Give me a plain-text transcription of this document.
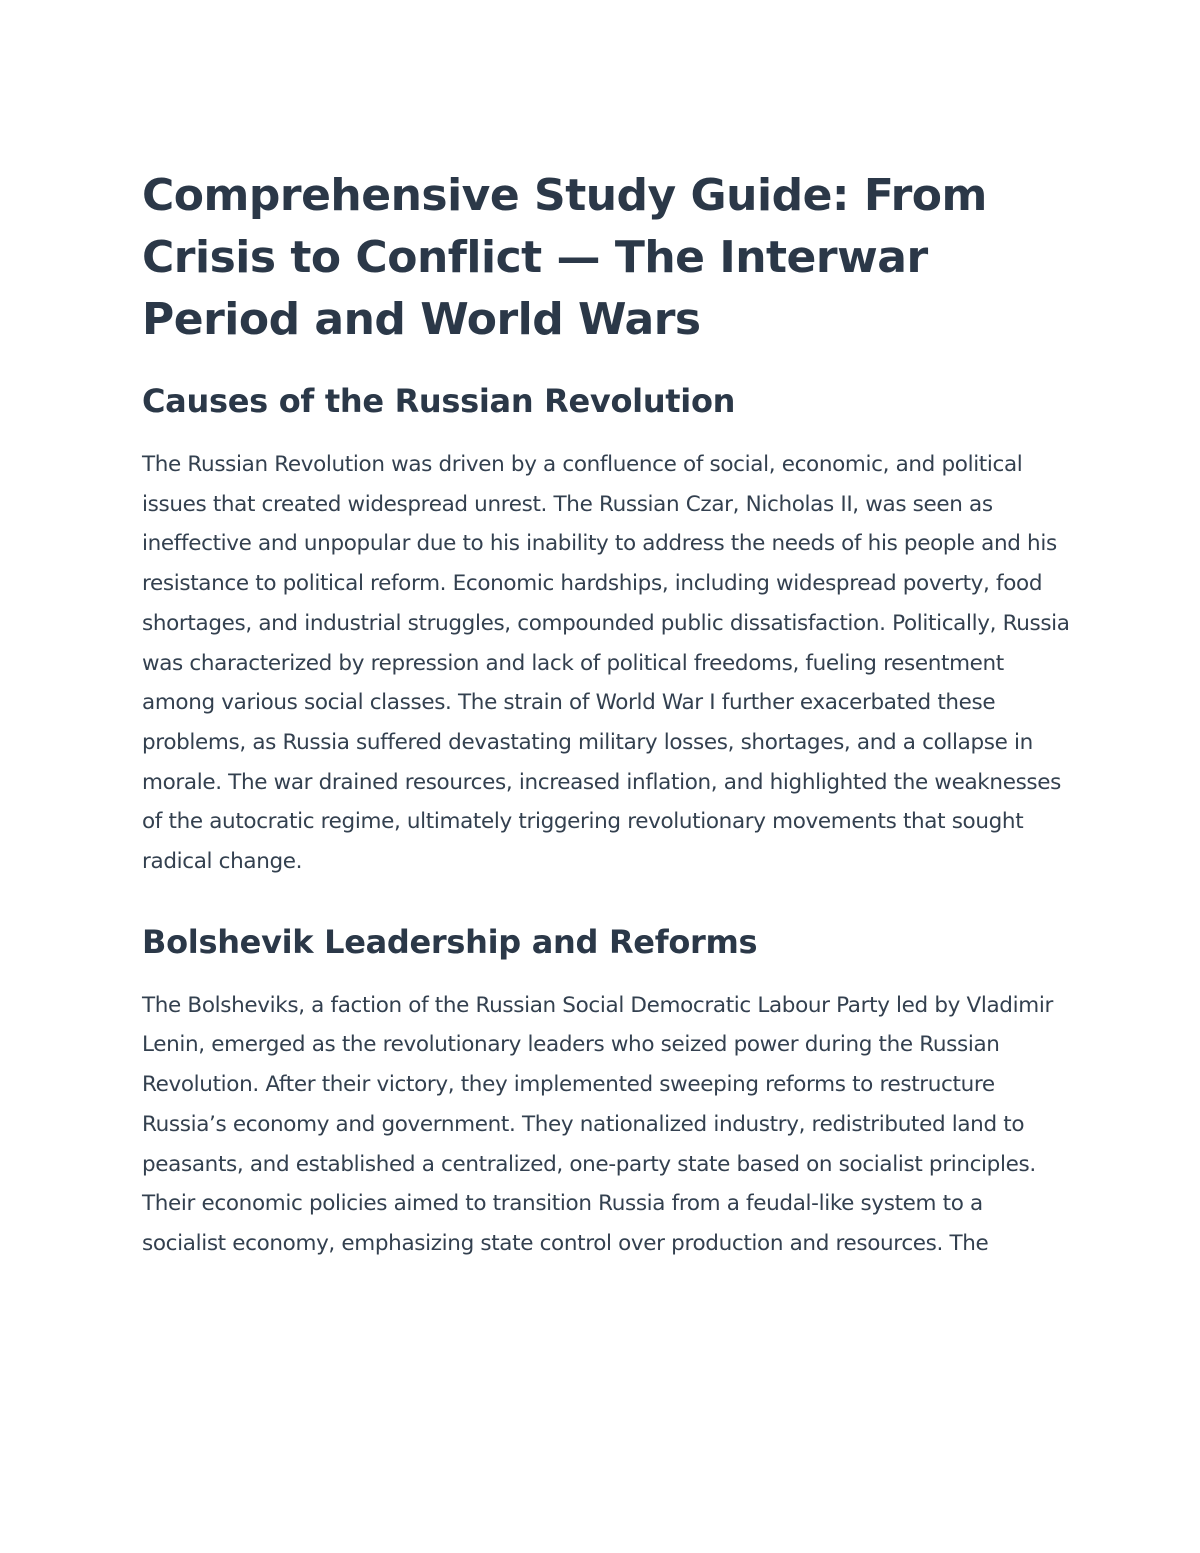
Comprehensive Study Guide: From Crisis to Conflict — The Interwar Period and World Wars
Causes of the Russian Revolution

The Russian Revolution was driven by a confluence of social, economic, and political issues that created widespread unrest. The Russian Czar, Nicholas II, was seen as ineffective and unpopular due to his inability to address the needs of his people and his resistance to political reform. Economic hardships, including widespread poverty, food shortages, and industrial struggles, compounded public dissatisfaction. Politically, Russia was characterized by repression and lack of political freedoms, fueling resentment among various social classes. The strain of World War I further exacerbated these problems, as Russia suffered devastating military losses, shortages, and a collapse in morale. The war drained resources, increased inflation, and highlighted the weaknesses of the autocratic regime, ultimately triggering revolutionary movements that sought radical change.

Bolshevik Leadership and Reforms

The Bolsheviks, a faction of the Russian Social Democratic Labour Party led by Vladimir Lenin, emerged as the revolutionary leaders who seized power during the Russian Revolution. After their victory, they implemented sweeping reforms to restructure Russia’s economy and government. They nationalized industry, redistributed land to peasants, and established a centralized, one-party state based on socialist principles. Their economic policies aimed to transition Russia from a feudal-like system to a socialist economy, emphasizing state control over production and resources. The
